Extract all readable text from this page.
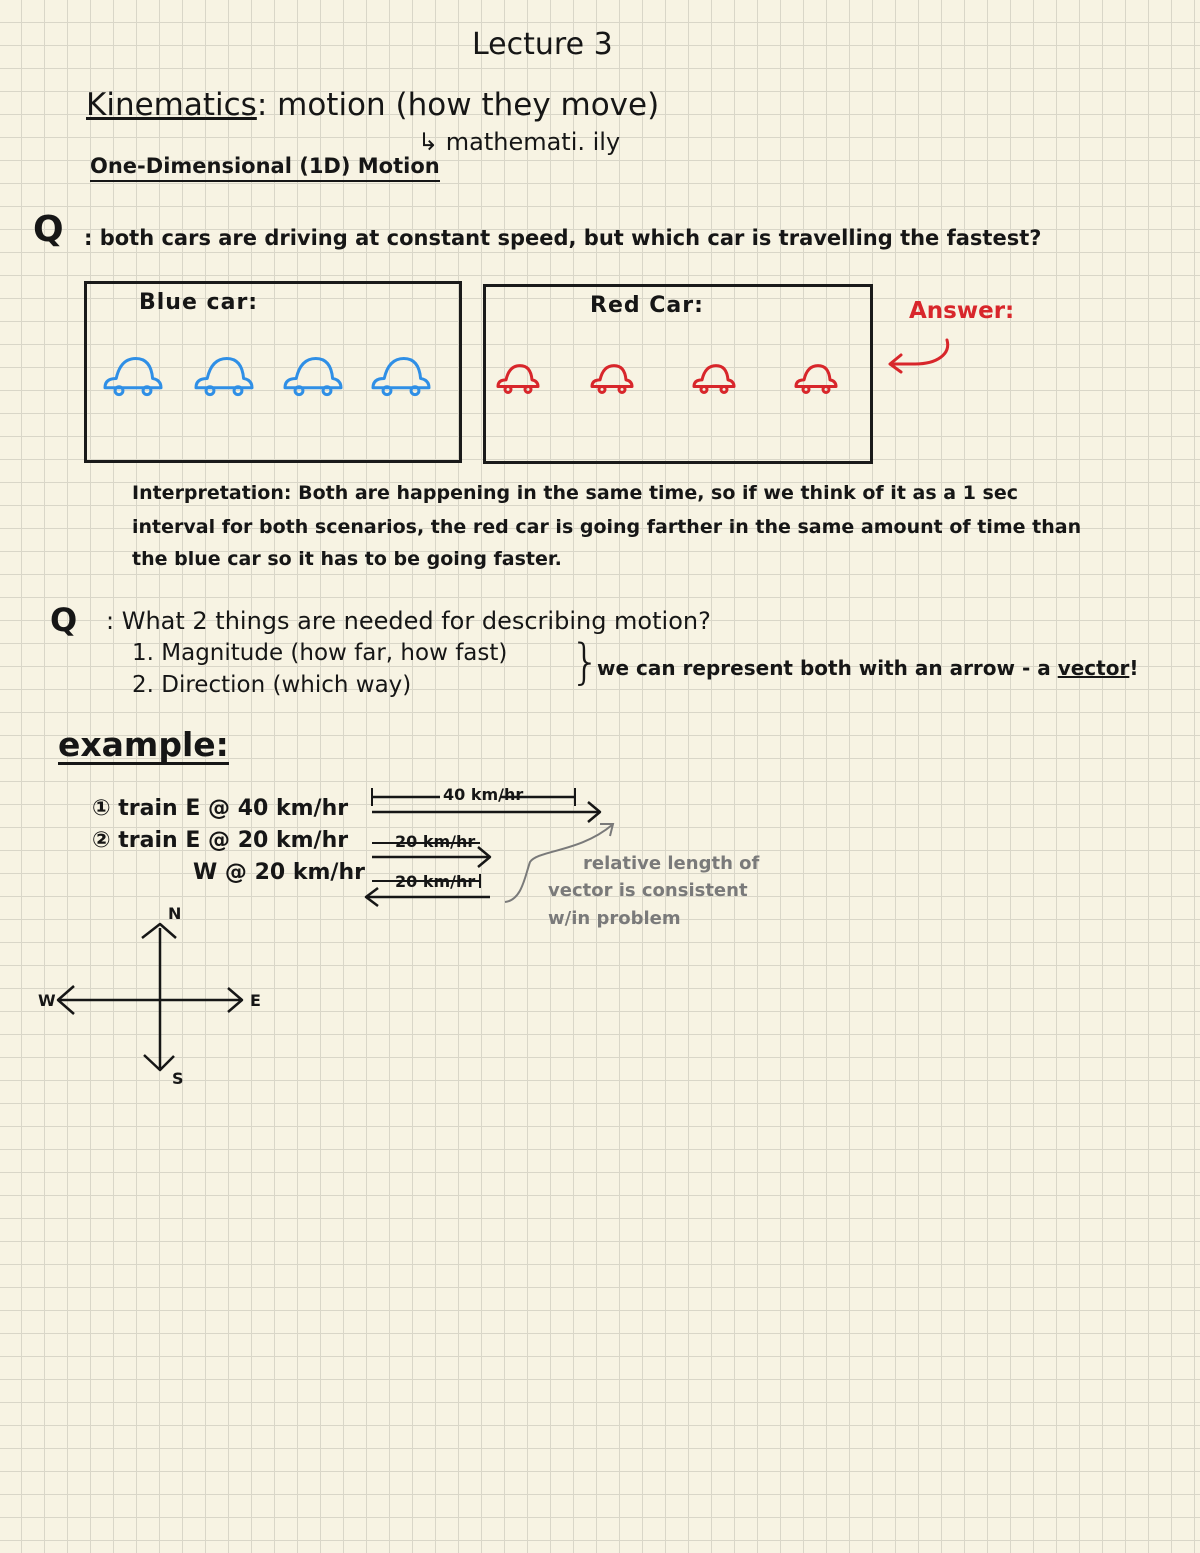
Lecture 3
Kinematics: motion (how they move)
↳ mathemati. ily
One-Dimensional (1D) Motion
Q : both cars are driving at constant speed, but which car is travelling the fastest?
Blue car:	Red Car:	Answer:
Interpretation: Both are happening in the same time, so if we think of it as a 1 sec
interval for both scenarios, the red car is going farther in the same amount of time than
the blue car so it has to be going faster.
Q : What 2 things are needed for describing motion?
1. Magnitude (how far, how fast)
2. Direction (which way)	}
we can represent both with an arrow - a vector!
example:
① train E @ 40 km/hr
② train E @ 20 km/hr
W @ 20 km/hr
40 km/hr
20 km/hr
20 km/hr
relative length of
vector is consistent
w/in problem
N
S
E
W
